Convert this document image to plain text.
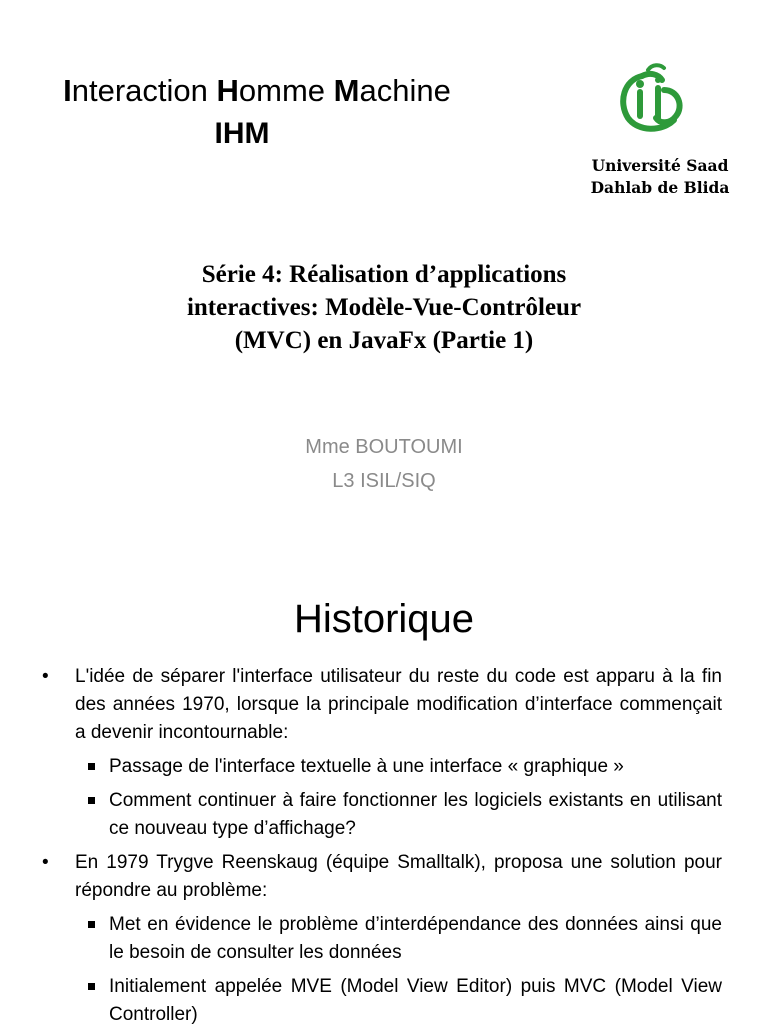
Interaction Homme Machine
IHM
Université Saad
Dahlab de Blida
Série 4: Réalisation d’applications
interactives: Modèle-Vue-Contrôleur
(MVC) en JavaFx (Partie 1)
Mme BOUTOUMI
L3 ISIL/SIQ
Historique
• L'idée de séparer l'interface utilisateur du reste du code est apparu à la fin des années 1970, lorsque la principale modification d’interface commençait a devenir incontournable:
Passage de l'interface textuelle à une interface « graphique »
Comment continuer à faire fonctionner les logiciels existants en utilisant ce nouveau type d’affichage?
• En 1979 Trygve Reenskaug (équipe Smalltalk), proposa une solution pour répondre au problème:
Met en évidence le problème d’interdépendance des données ainsi que le besoin de consulter les données
Initialement appelée MVE (Model View Editor) puis MVC (Model View Controller)
